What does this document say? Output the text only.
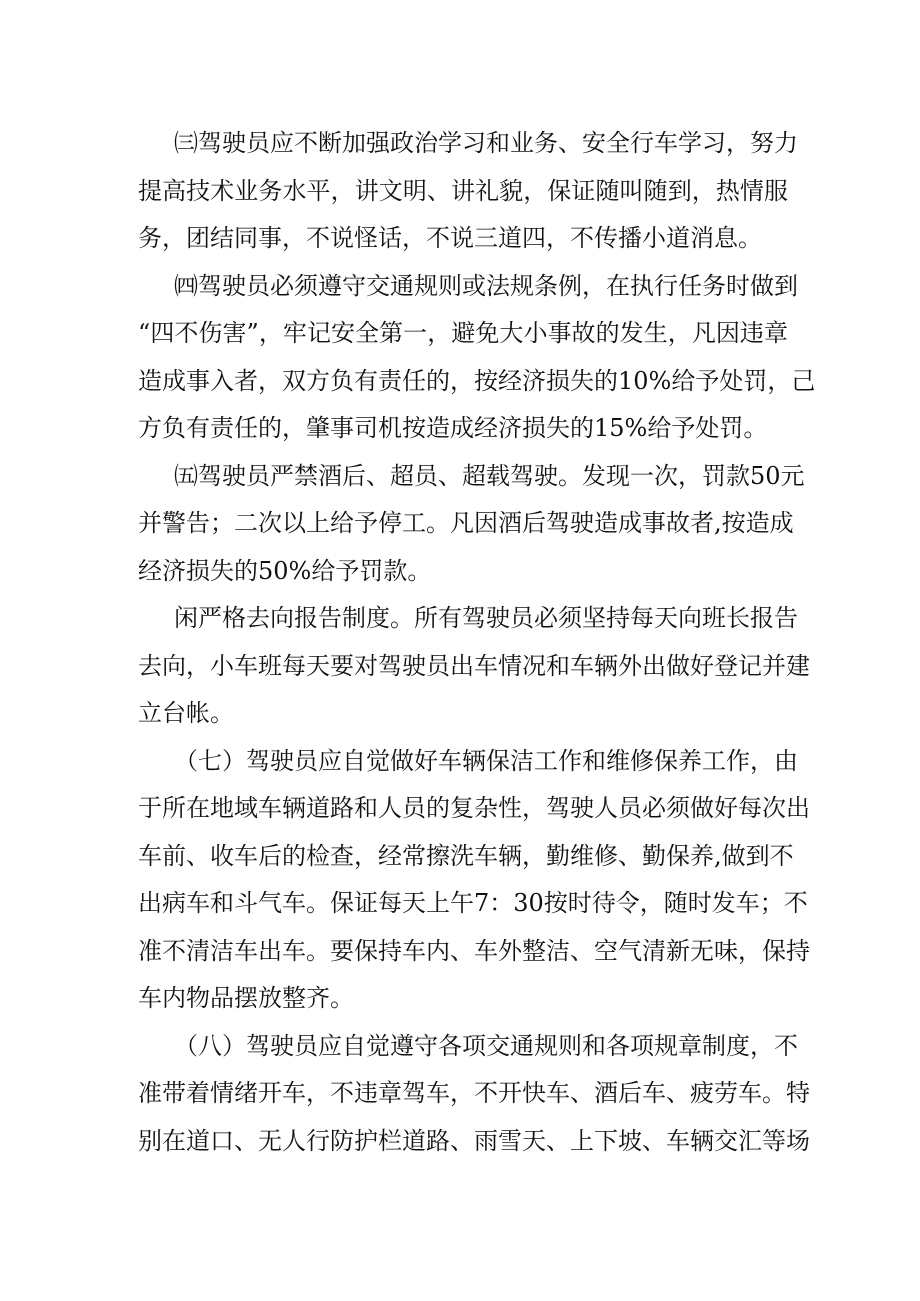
㈢驾驶员应不断加强政治学习和业务、安全行车学习，努力
提高技术业务水平，讲文明、讲礼貌，保证随叫随到，热情服
务，团结同事，不说怪话，不说三道四，不传播小道消息。
㈣驾驶员必须遵守交通规则或法规条例，在执行任务时做到
“四不伤害”，牢记安全第一，避免大小事故的发生，凡因违章
造成事入者，双方负有责任的，按经济损失的10%给予处罚，己
方负有责任的，肇事司机按造成经济损失的15%给予处罚。
㈤驾驶员严禁酒后、超员、超载驾驶。发现一次，罚款50元
并警告；二次以上给予停工。凡因酒后驾驶造成事故者,按造成
经济损失的50%给予罚款。
闲严格去向报告制度。所有驾驶员必须坚持每天向班长报告
去向，小车班每天要对驾驶员出车情况和车辆外出做好登记并建
立台帐。
（七）驾驶员应自觉做好车辆保洁工作和维修保养工作，由
于所在地域车辆道路和人员的复杂性，驾驶人员必须做好每次出
车前、收车后的检查，经常擦洗车辆，勤维修、勤保养,做到不
出病车和斗气车。保证每天上午7：30按时待令，随时发车；不
准不清洁车出车。要保持车内、车外整洁、空气清新无味，保持
车内物品摆放整齐。
（八）驾驶员应自觉遵守各项交通规则和各项规章制度，不
准带着情绪开车，不违章驾车，不开快车、酒后车、疲劳车。特
别在道口、无人行防护栏道路、雨雪天、上下坡、车辆交汇等场
